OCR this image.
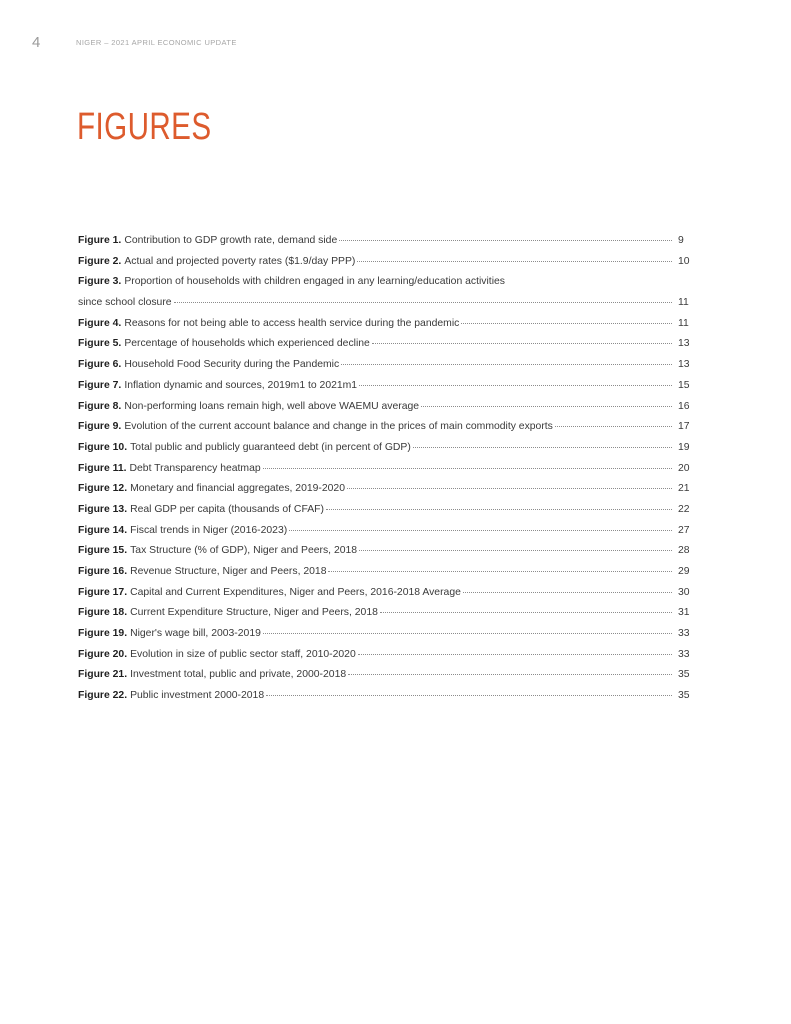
4	NIGER – 2021 APRIL ECONOMIC UPDATE
FIGURES
Figure 1. Contribution to GDP growth rate, demand side	9
Figure 2. Actual and projected poverty rates ($1.9/day PPP)	10
Figure 3. Proportion of households with children engaged in any learning/education activities
since school closure	11
Figure 4. Reasons for not being able to access health service during the pandemic	11
Figure 5. Percentage of households which experienced decline	13
Figure 6. Household Food Security during the Pandemic	13
Figure 7. Inflation dynamic and sources, 2019m1 to 2021m1	15
Figure 8. Non-performing loans remain high, well above WAEMU average	16
Figure 9. Evolution of the current account balance and change in the prices of main commodity exports	17
Figure 10. Total public and publicly guaranteed debt (in percent of GDP)	19
Figure 11. Debt Transparency heatmap	20
Figure 12. Monetary and financial aggregates, 2019-2020	21
Figure 13. Real GDP per capita (thousands of CFAF)	22
Figure 14. Fiscal trends in Niger (2016-2023)	27
Figure 15. Tax Structure (% of GDP), Niger and Peers, 2018	28
Figure 16. Revenue Structure, Niger and Peers, 2018	29
Figure 17. Capital and Current Expenditures, Niger and Peers, 2016-2018 Average	30
Figure 18. Current Expenditure Structure, Niger and Peers, 2018	31
Figure 19. Niger's wage bill, 2003-2019	33
Figure 20. Evolution in size of public sector staff, 2010-2020	33
Figure 21. Investment total, public and private, 2000-2018	35
Figure 22. Public investment 2000-2018	35
